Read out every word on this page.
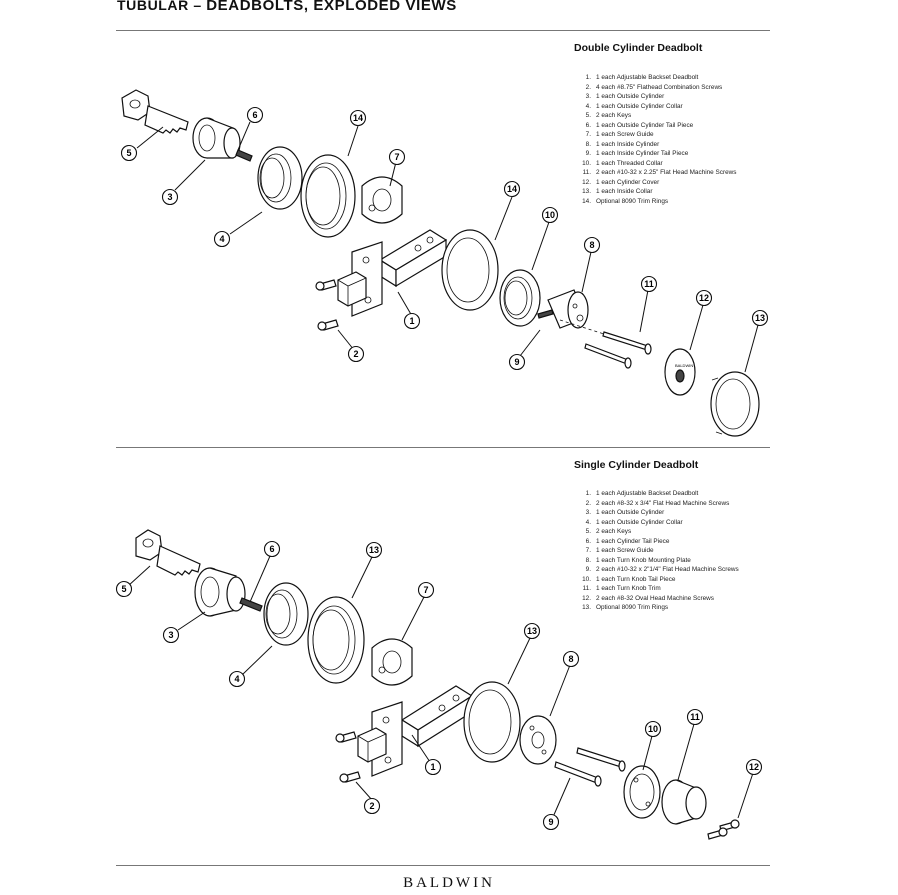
TUBULAR – DEADBOLTS, EXPLODED VIEWS
Double Cylinder Deadbolt
1. 1 each Adjustable Backset Deadbolt
2. 4 each #8.75" Flathead Combination Screws
3. 1 each Outside Cylinder
4. 1 each Outside Cylinder Collar
5. 2 each Keys
6. 1 each Outside Cylinder Tail Piece
7. 1 each Screw Guide
8. 1 each Inside Cylinder
9. 1 each Inside Cylinder Tail Piece
10. 1 each Threaded Collar
11. 2 each #10-32 x 2.25" Flat Head Machine Screws
12. 1 each Cylinder Cover
13. 1 each Inside Collar
14. Optional 8090 Trim Rings
Single Cylinder Deadbolt
1. 1 each Adjustable Backset Deadbolt
2. 2 each #8-32 x 3/4" Flat Head Machine Screws
3. 1 each Outside Cylinder
4. 1 each Outside Cylinder Collar
5. 2 each Keys
6. 1 each Cylinder Tail Piece
7. 1 each Screw Guide
8. 1 each Turn Knob Mounting Plate
9. 2 each #10-32 x 2"1/4" Flat Head Machine Screws
10. 1 each Turn Knob Tail Piece
11. 1 each Turn Knob Trim
12. 2 each #8-32 Oval Head Machine Screws
13. Optional 8090 Trim Rings
BALDWIN
5
3
4
6	14
7
1
2
14
10
8
9
11
12
13
5
3
4
6	13
7
1
2
13
8
9
10
11
12
BALDWIN
